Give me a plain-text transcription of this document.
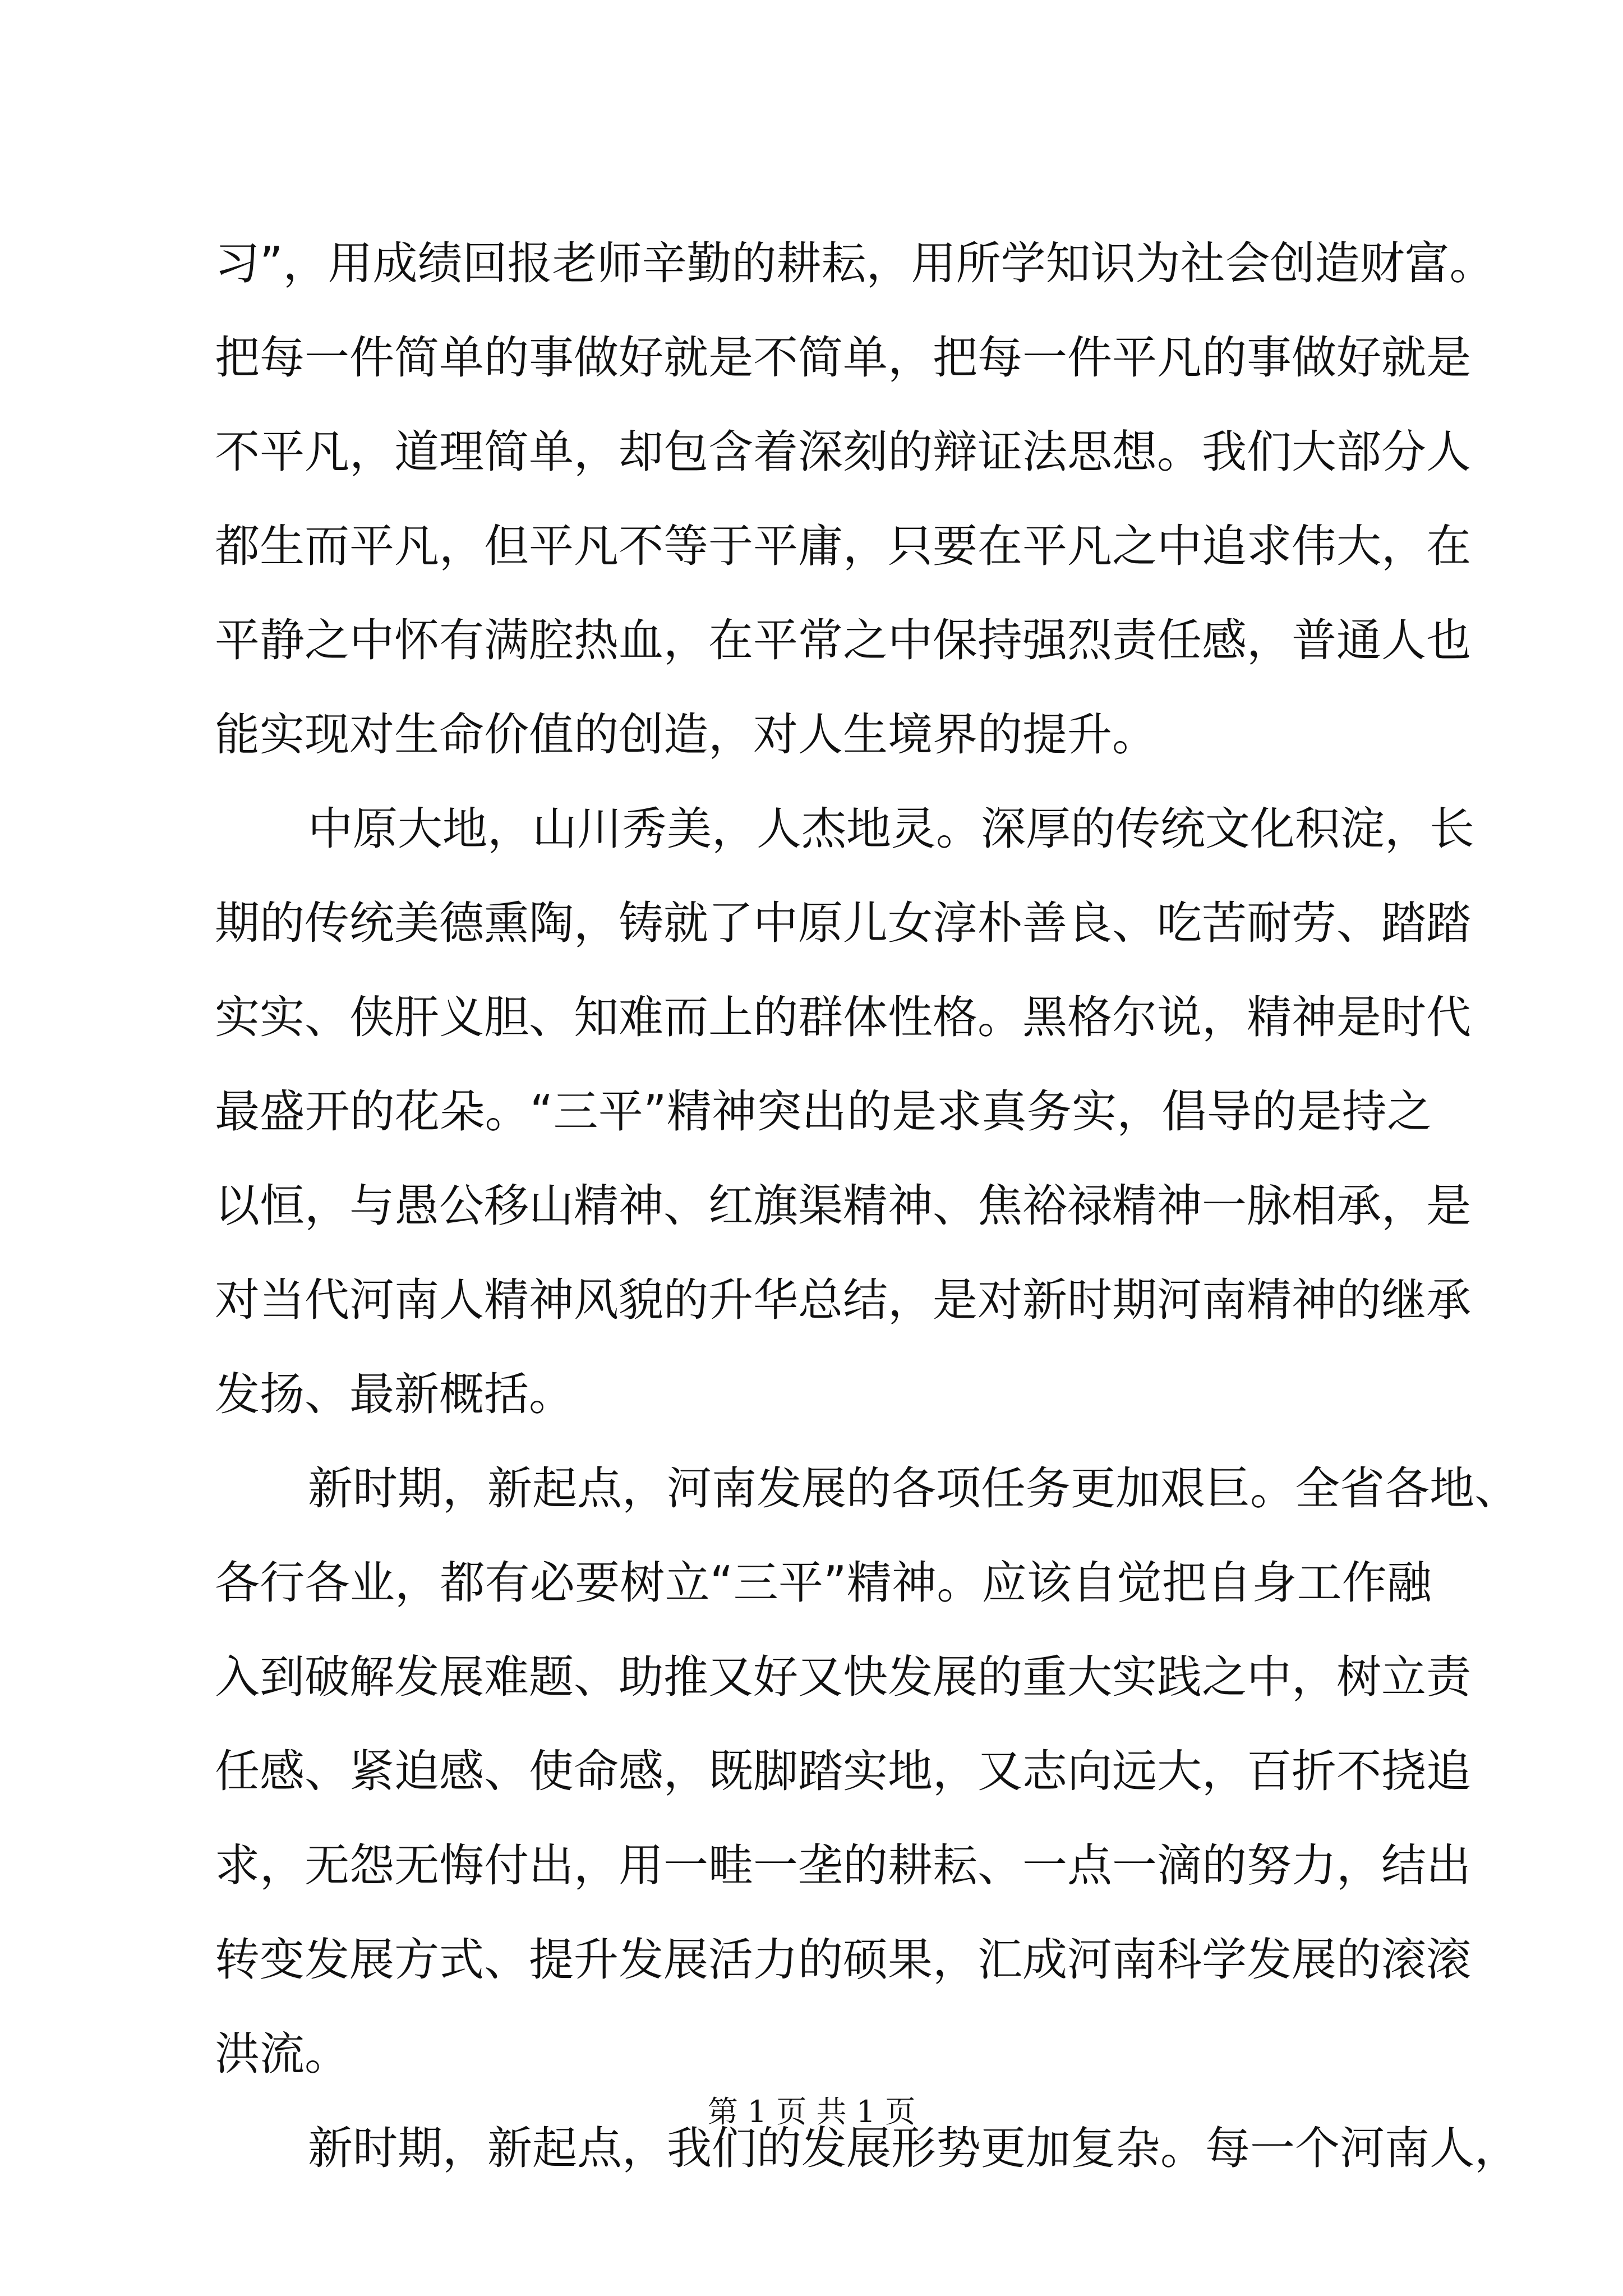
习”，用成绩回报老师辛勤的耕耘，用所学知识为社会创造财富。
把每一件简单的事做好就是不简单，把每一件平凡的事做好就是
不平凡，道理简单，却包含着深刻的辩证法思想。我们大部分人
都生而平凡，但平凡不等于平庸，只要在平凡之中追求伟大，在
平静之中怀有满腔热血，在平常之中保持强烈责任感，普通人也
能实现对生命价值的创造，对人生境界的提升。
中原大地，山川秀美，人杰地灵。深厚的传统文化积淀，长
期的传统美德熏陶，铸就了中原儿女淳朴善良、吃苦耐劳、踏踏
实实、侠肝义胆、知难而上的群体性格。黑格尔说，精神是时代
最盛开的花朵。“三平”精神突出的是求真务实，倡导的是持之
以恒，与愚公移山精神、红旗渠精神、焦裕禄精神一脉相承，是
对当代河南人精神风貌的升华总结，是对新时期河南精神的继承
发扬、最新概括。
新时期，新起点，河南发展的各项任务更加艰巨。全省各地、
各行各业，都有必要树立“三平”精神。应该自觉把自身工作融
入到破解发展难题、助推又好又快发展的重大实践之中，树立责
任感、紧迫感、使命感，既脚踏实地，又志向远大，百折不挠追
求，无怨无悔付出，用一畦一垄的耕耘、一点一滴的努力，结出
转变发展方式、提升发展活力的硕果，汇成河南科学发展的滚滚
洪流。
新时期，新起点，我们的发展形势更加复杂。每一个河南人，
第 1 页 共 1 页
